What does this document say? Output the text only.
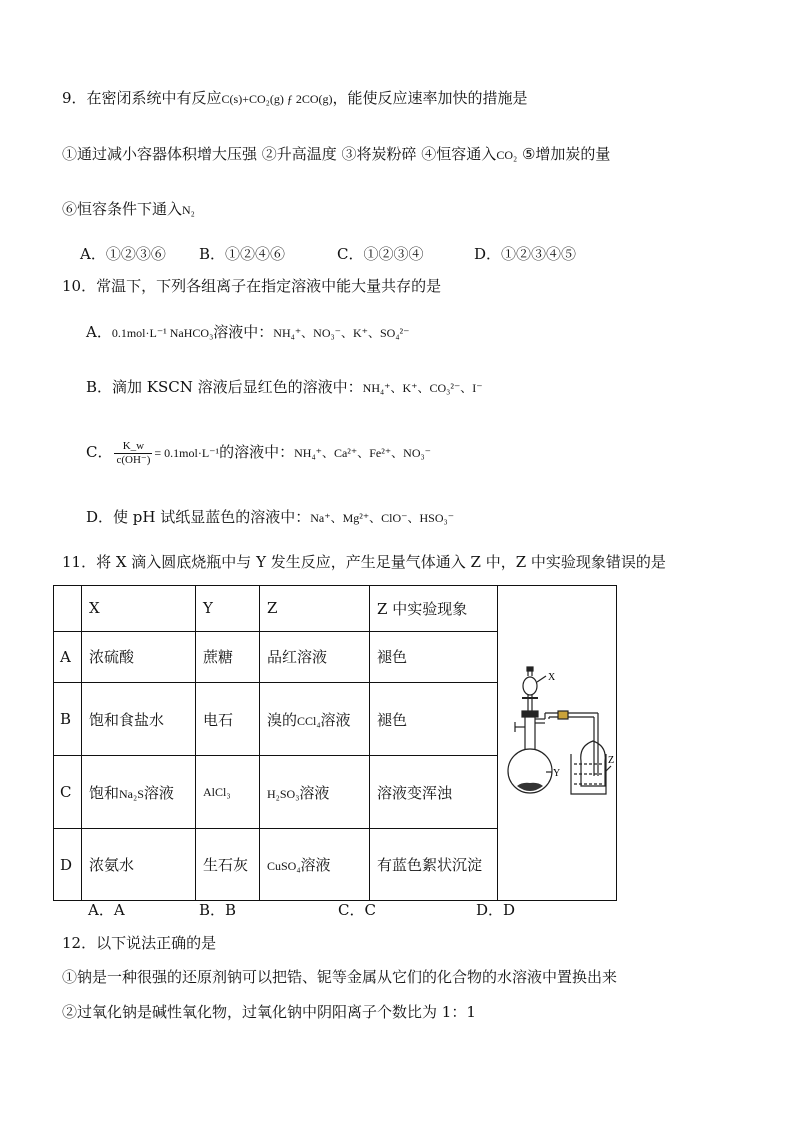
9．在密闭系统中有反应C(s)+CO₂(g) ƒ 2CO(g)，能使反应速率加快的措施是
①通过减小容器体积增大压强 ②升高温度 ③将炭粉碎 ④恒容通入CO₂ ⑤增加炭的量
⑥恒容条件下通入N₂
A．①②③⑥ B．①②④⑥	C．①②③④	D．①②③④⑤
10．常温下，下列各组离子在指定溶液中能大量共存的是
A．0.1mol·L⁻¹ NaHCO₃溶液中：NH₄⁺、NO₃⁻、K⁺、SO₄²⁻
B．滴加 KSCN 溶液后显红色的溶液中：NH₄⁺、K⁺、CO₃²⁻、I⁻
C． $\frac{K\_w}{c(OH^-)} = 0.1mol\cdot L^{-1}$的溶液中：NH₄⁺、Ca²⁺、Fe²⁺、NO₃⁻
D．使 pH 试纸显蓝色的溶液中：Na⁺、Mg²⁺、ClO⁻、HSO₃⁻
11．将 X 滴入圆底烧瓶中与 Y 发生反应，产生足量气体通入 Z 中，Z 中实验现象错误的是
	X	Y	Z	Z 中实验现象	X
Y
Z

A	浓硫酸	蔗糖	品红溶液	褪色	
B	饱和食盐水	电石	溴的CCl₄溶液	褪色	
C	饱和Na₂S溶液	AlCl₃	H₂SO₃溶液	溶液变浑浊	
D	浓氨水	生石灰	CuSO₄溶液	有蓝色絮状沉淀	
A．A	B．B	C．C	D．D
12．以下说法正确的是
①钠是一种很强的还原剂钠可以把锆、铌等金属从它们的化合物的水溶液中置换出来
②过氧化钠是碱性氧化物，过氧化钠中阴阳离子个数比为 1：1
